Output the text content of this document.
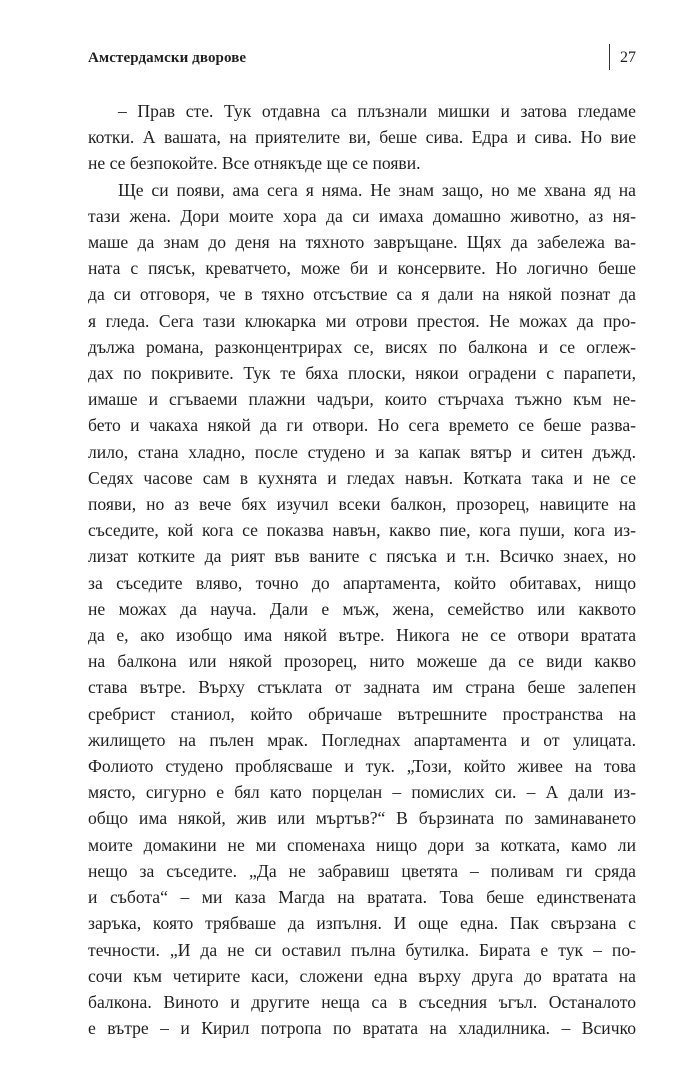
Амстердамски дворове	27
– Прав сте. Тук отдавна са плъзнали мишки и затова гледаме
котки. А вашата, на приятелите ви, беше сива. Едра и сива. Но вие
не се безпокойте. Все отнякъде ще се появи.
Ще си появи, ама сега я няма. Не знам защо, но ме хвана яд на
тази жена. Дори моите хора да си имаха домашно животно, аз ня-
маше да знам до деня на тяхното завръщане. Щях да забележа ва-
ната с пясък, креватчето, може би и консервите. Но логично беше
да си отговоря, че в тяхно отсъствие са я дали на някой познат да
я гледа. Сега тази клюкарка ми отрови престоя. Не можах да про-
дължа романа, разконцентрирах се, висях по балкона и се оглеж-
дах по покривите. Тук те бяха плоски, някои оградени с парапети,
имаше и сгъваеми плажни чадъри, които стърчаха тъжно към не-
бето и чакаха някой да ги отвори. Но сега времето се беше разва-
лило, стана хладно, после студено и за капак вятър и ситен дъжд.
Седях часове сам в кухнята и гледах навън. Котката така и не се
появи, но аз вече бях изучил всеки балкон, прозорец, навиците на
съседите, кой кога се показва навън, какво пие, кога пуши, кога из-
лизат котките да рият във ваните с пясъка и т.н. Всичко знаех, но
за съседите вляво, точно до апартамента, който обитавах, нищо
не можах да науча. Дали е мъж, жена, семейство или каквото
да е, ако изобщо има някой вътре. Никога не се отвори вратата
на балкона или някой прозорец, нито можеше да се види какво
става вътре. Върху стъклата от задната им страна беше залепен
сребрист станиол, който обричаше вътрешните пространства на
жилището на пълен мрак. Погледнах апартамента и от улицата.
Фолиото студено проблясваше и тук. „Този, който живее на това
място, сигурно е бял като порцелан – помислих си. – А дали из-
общо има някой, жив или мъртъв?“ В бързината по заминаването
моите домакини не ми споменаха нищо дори за котката, камо ли
нещо за съседите. „Да не забравиш цветята – поливам ги сряда
и събота“ – ми каза Магда на вратата. Това беше единствената
заръка, която трябваше да изпълня. И още една. Пак свързана с
течности. „И да не си оставил пълна бутилка. Бирата е тук – по-
сочи към четирите каси, сложени една върху друга до вратата на
балкона. Виното и другите неща са в съседния ъгъл. Останалото
е вътре – и Кирил потропа по вратата на хладилника. – Всичко
